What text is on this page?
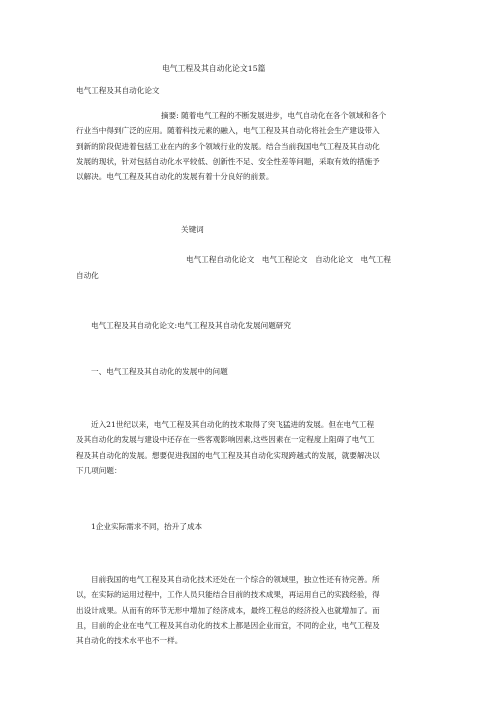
电气工程及其自动化论文15篇

电气工程及其自动化论文

摘要: 随着电气工程的不断发展进步，电气自动化在各个领域和各个
行业当中得到广泛的应用。随着科技元素的融入，电气工程及其自动化将社会生产建设带入
到新的阶段促进着包括工业在内的多个领域行业的发展。结合当前我国电气工程及其自动化
发展的现状，针对包括自动化水平较低、创新性不足、安全性差等问题，采取有效的措施予
以解决。电气工程及其自动化的发展有着十分良好的前景。

关键词

电气工程自动化论文　电气工程论文　自动化论文　电气工程

自动化

电气工程及其自动化论文:电气工程及其自动化发展问题研究

一、电气工程及其自动化的发展中的问题

近入21世纪以来，电气工程及其自动化的技术取得了突飞猛进的发展。但在电气工程
及其自动化的发展与建设中还存在一些客观影响因素,这些因素在一定程度上阻碍了电气工
程及其自动化的发展。想要促进我国的电气工程及其自动化实现跨越式的发展，就要解决以
下几项问题：

1企业实际需求不同，抬升了成本

目前我国的电气工程及其自动化技术还处在一个综合的领域里，独立性还有待完善。所
以，在实际的运用过程中，工作人员只能结合目前的技术成果，再运用自己的实践经验，得
出设计成果。从而有的环节无形中增加了经济成本，最终工程总的经济投入也就增加了。而
且，目前的企业在电气工程及其自动化的技术上都是因企业而宜，不同的企业，电气工程及
其自动化的技术水平也不一样。
